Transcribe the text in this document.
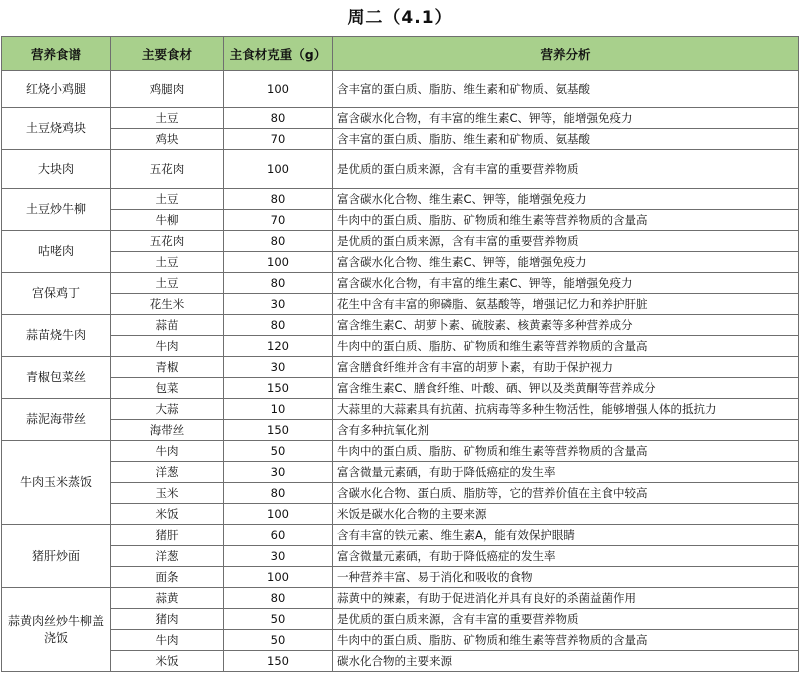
周二（4.1）
营养食谱	主要食材	主食材克重（g）	营养分析
红烧小鸡腿	鸡腿肉	100	含丰富的蛋白质、脂肪、维生素和矿物质、氨基酸
土豆烧鸡块	土豆	80	富含碳水化合物，有丰富的维生素C、钾等，能增强免疫力
	鸡块	70	含丰富的蛋白质、脂肪、维生素和矿物质、氨基酸
大块肉	五花肉	100	是优质的蛋白质来源，含有丰富的重要营养物质
土豆炒牛柳	土豆	80	富含碳水化合物、维生素C、钾等，能增强免疫力
	牛柳	70	牛肉中的蛋白质、脂肪、矿物质和维生素等营养物质的含量高
咕咾肉	五花肉	80	是优质的蛋白质来源，含有丰富的重要营养物质
	土豆	100	富含碳水化合物、维生素C、钾等，能增强免疫力
宫保鸡丁	土豆	80	富含碳水化合物，有丰富的维生素C、钾等，能增强免疫力
	花生米	30	花生中含有丰富的卵磷脂、氨基酸等，增强记忆力和养护肝脏
蒜苗烧牛肉	蒜苗	80	富含维生素C、胡萝卜素、硫胺素、核黄素等多种营养成分
	牛肉	120	牛肉中的蛋白质、脂肪、矿物质和维生素等营养物质的含量高
青椒包菜丝	青椒	30	富含膳食纤维并含有丰富的胡萝卜素，有助于保护视力
	包菜	150	富含维生素C、膳食纤维、叶酸、硒、钾以及类黄酮等营养成分
蒜泥海带丝	大蒜	10	大蒜里的大蒜素具有抗菌、抗病毒等多种生物活性，能够增强人体的抵抗力
	海带丝	150	含有多种抗氧化剂
牛肉玉米蒸饭	牛肉	50	牛肉中的蛋白质、脂肪、矿物质和维生素等营养物质的含量高
	洋葱	30	富含微量元素硒，有助于降低癌症的发生率
	玉米	80	含碳水化合物、蛋白质、脂肪等，它的营养价值在主食中较高
	米饭	100	米饭是碳水化合物的主要来源
猪肝炒面	猪肝	60	含有丰富的铁元素、维生素A，能有效保护眼睛
	洋葱	30	富含微量元素硒，有助于降低癌症的发生率
	面条	100	一种营养丰富、易于消化和吸收的食物
蒜黄肉丝炒牛柳盖浇饭	蒜黄	80	蒜黄中的辣素，有助于促进消化并具有良好的杀菌益菌作用
	猪肉	50	是优质的蛋白质来源，含有丰富的重要营养物质
	牛肉	50	牛肉中的蛋白质、脂肪、矿物质和维生素等营养物质的含量高
	米饭	150	碳水化合物的主要来源
